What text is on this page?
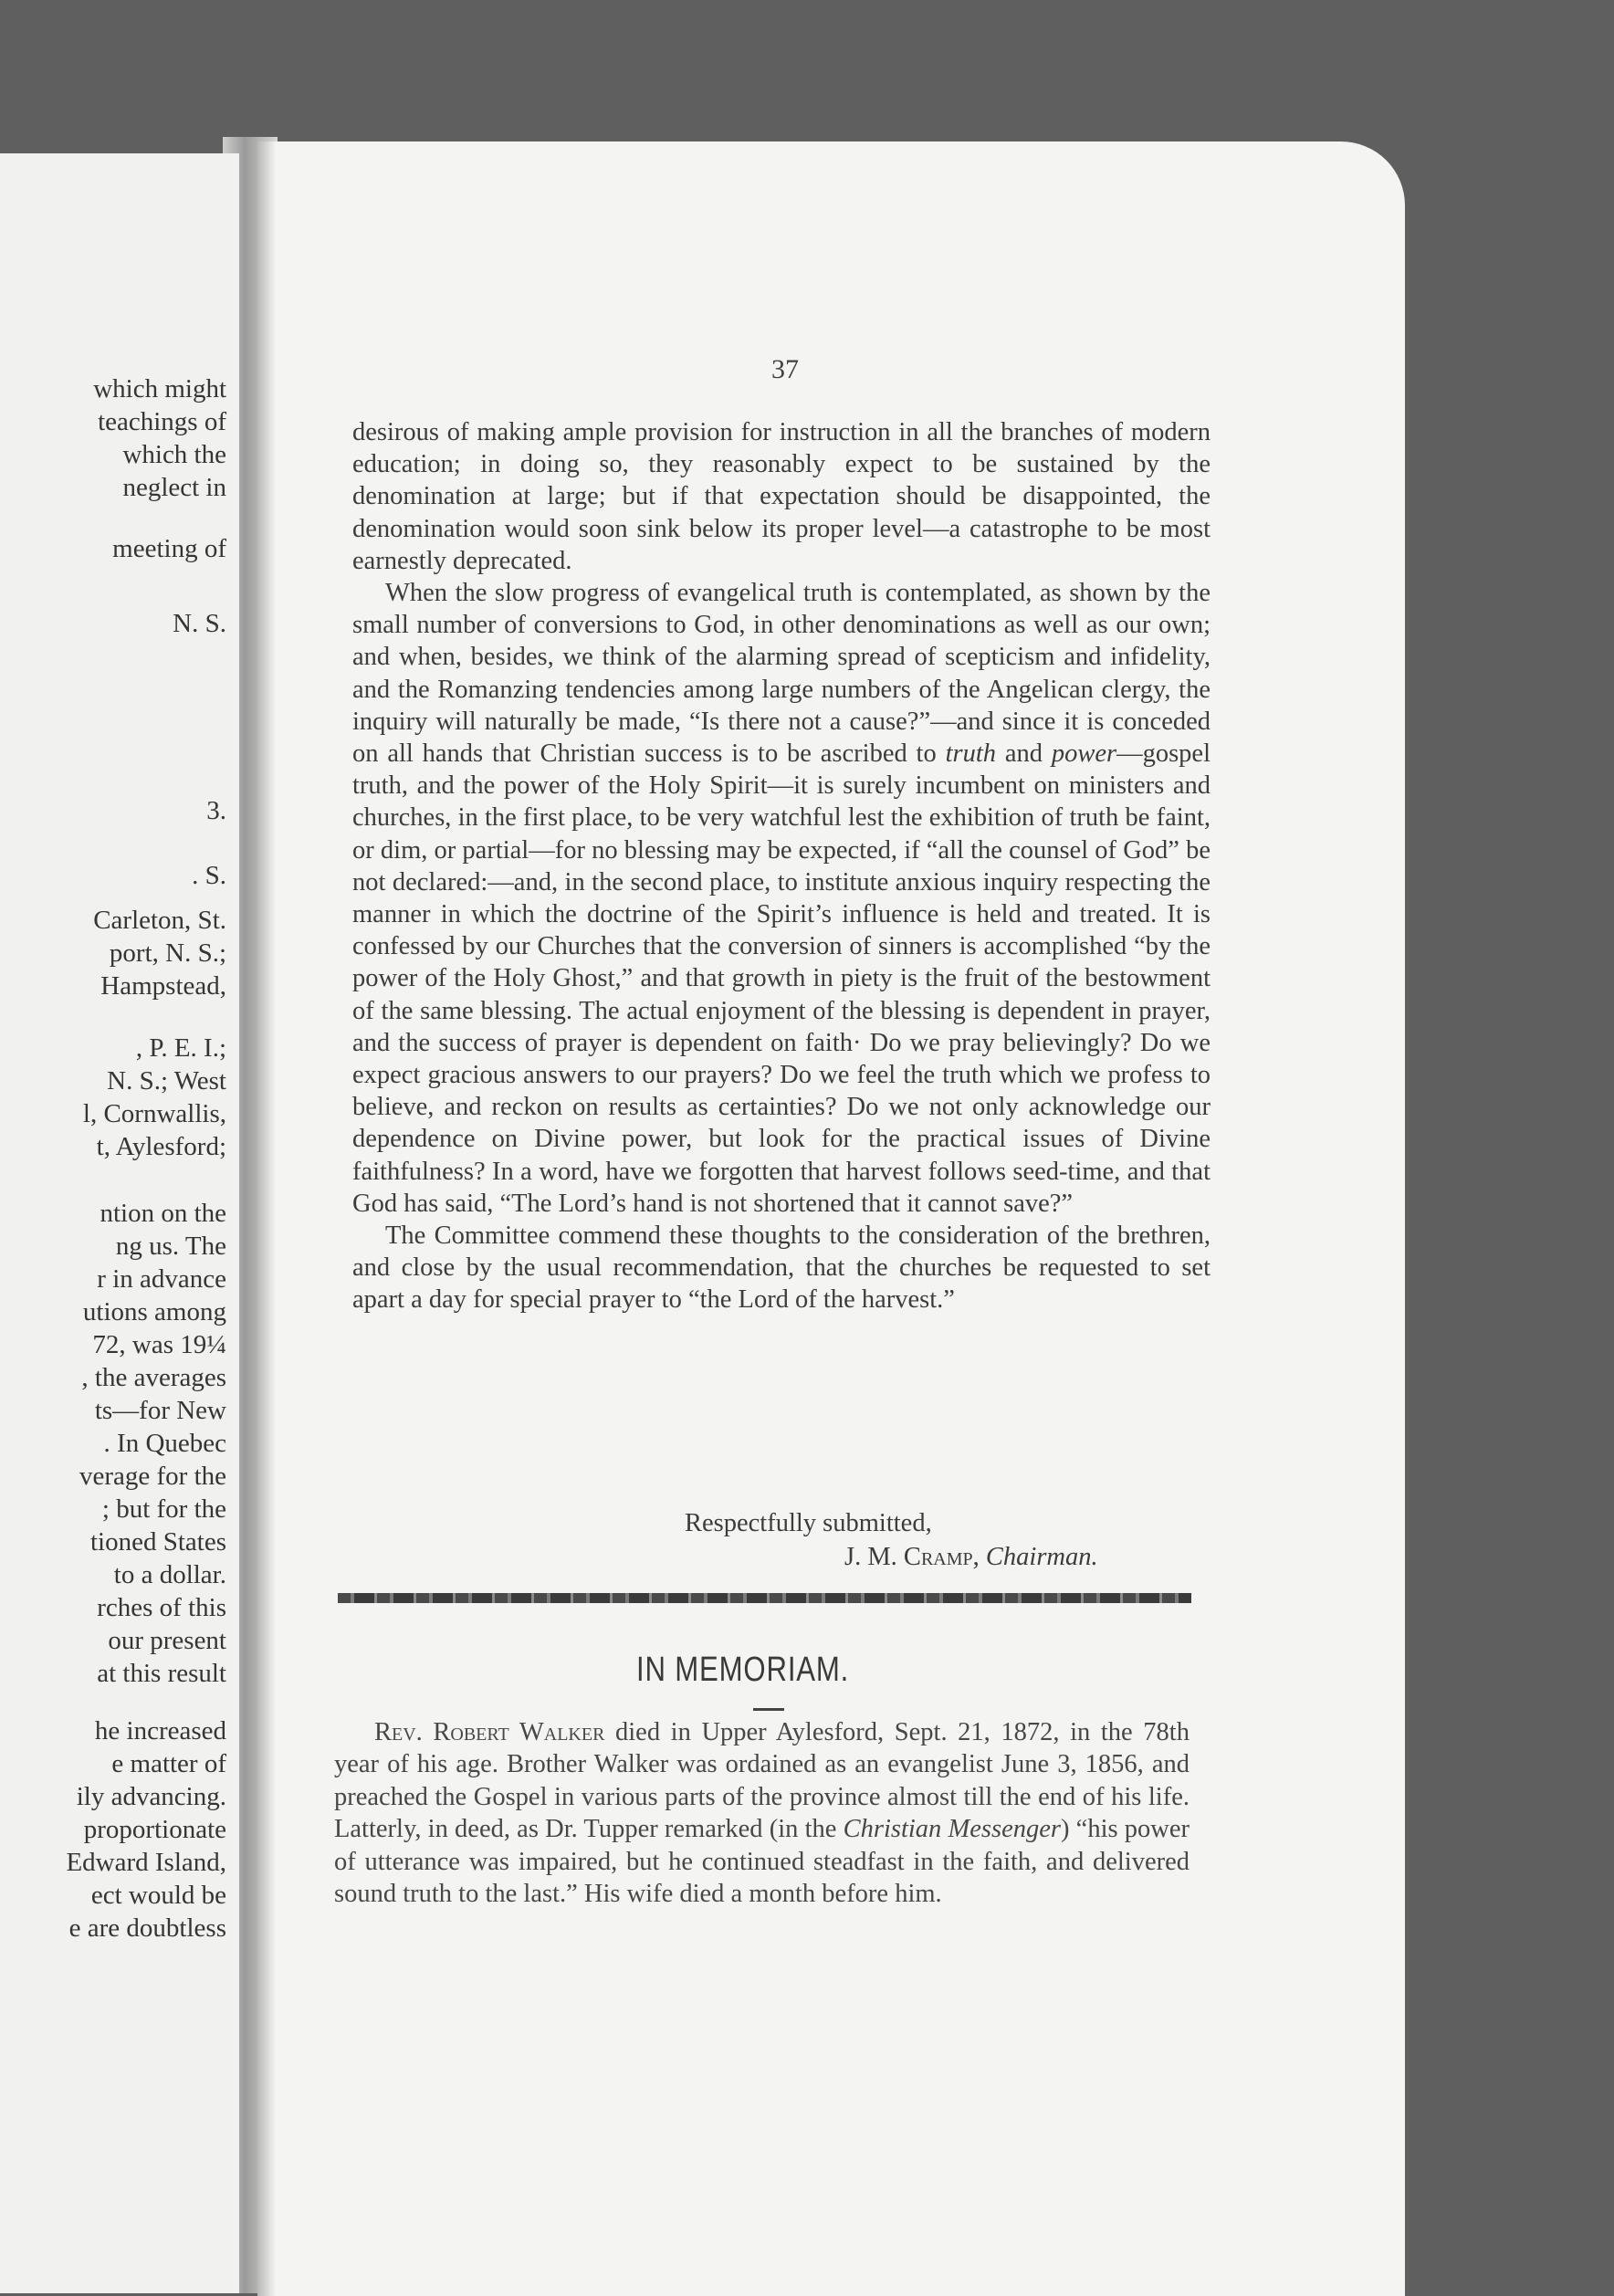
which might
teachings of
which the
neglect in
meeting of
N. S.
3.
. S.
Carleton, St.
port, N. S.;
Hampstead,
, P. E. I.;
N. S.; West
l, Cornwallis,
t, Aylesford;
ntion on the
ng us. The
r in advance
utions among
72, was 19¼
, the averages
ts—for New
. In Quebec
verage for the
; but for the
tioned States
to a dollar.
rches of this
our present
at this result
he increased
e matter of
ily advancing.
proportionate
Edward Island,
ect would be
e are doubtless
37

desirous of making ample provision for instruction in all the branches of modern education; in doing so, they reasonably expect to be sustained by the denomination at large; but if that expectation should be disappointed, the denomination would soon sink below its proper level—a catastrophe to be most earnestly deprecated.

When the slow progress of evangelical truth is contemplated, as shown by the small number of conversions to God, in other denominations as well as our own; and when, besides, we think of the alarming spread of scepticism and infidelity, and the Romanzing tendencies among large numbers of the Angelican clergy, the inquiry will naturally be made, “Is there not a cause?”—and since it is conceded on all hands that Christian success is to be ascribed to truth and power—gospel truth, and the power of the Holy Spirit—it is surely incumbent on ministers and churches, in the first place, to be very watchful lest the exhibition of truth be faint, or dim, or partial—for no blessing may be expected, if “all the counsel of God” be not declared:—and, in the second place, to institute anxious inquiry respecting the manner in which the doctrine of the Spirit’s influence is held and treated. It is confessed by our Churches that the conversion of sinners is accomplished “by the power of the Holy Ghost,” and that growth in piety is the fruit of the bestowment of the same blessing. The actual enjoyment of the blessing is dependent in prayer, and the success of prayer is dependent on faith· Do we pray believingly? Do we expect gracious answers to our prayers? Do we feel the truth which we profess to believe, and reckon on results as certainties? Do we not only acknowledge our dependence on Divine power, but look for the practical issues of Divine faithfulness? In a word, have we forgotten that harvest follows seed-time, and that God has said, “The Lord’s hand is not shortened that it cannot save?”

The Committee commend these thoughts to the consideration of the brethren, and close by the usual recommendation, that the churches be requested to set apart a day for special prayer to “the Lord of the harvest.”

Respectfully submitted,
J. M. Cramp, Chairman.
IN MEMORIAM.

Rev. Robert Walker died in Upper Aylesford, Sept. 21, 1872, in the 78th year of his age. Brother Walker was ordained as an evangelist June 3, 1856, and preached the Gospel in various parts of the province almost till the end of his life. Latterly, in deed, as Dr. Tupper remarked (in the Christian Messenger) “his power of utterance was impaired, but he continued steadfast in the faith, and delivered sound truth to the last.” His wife died a month before him.
